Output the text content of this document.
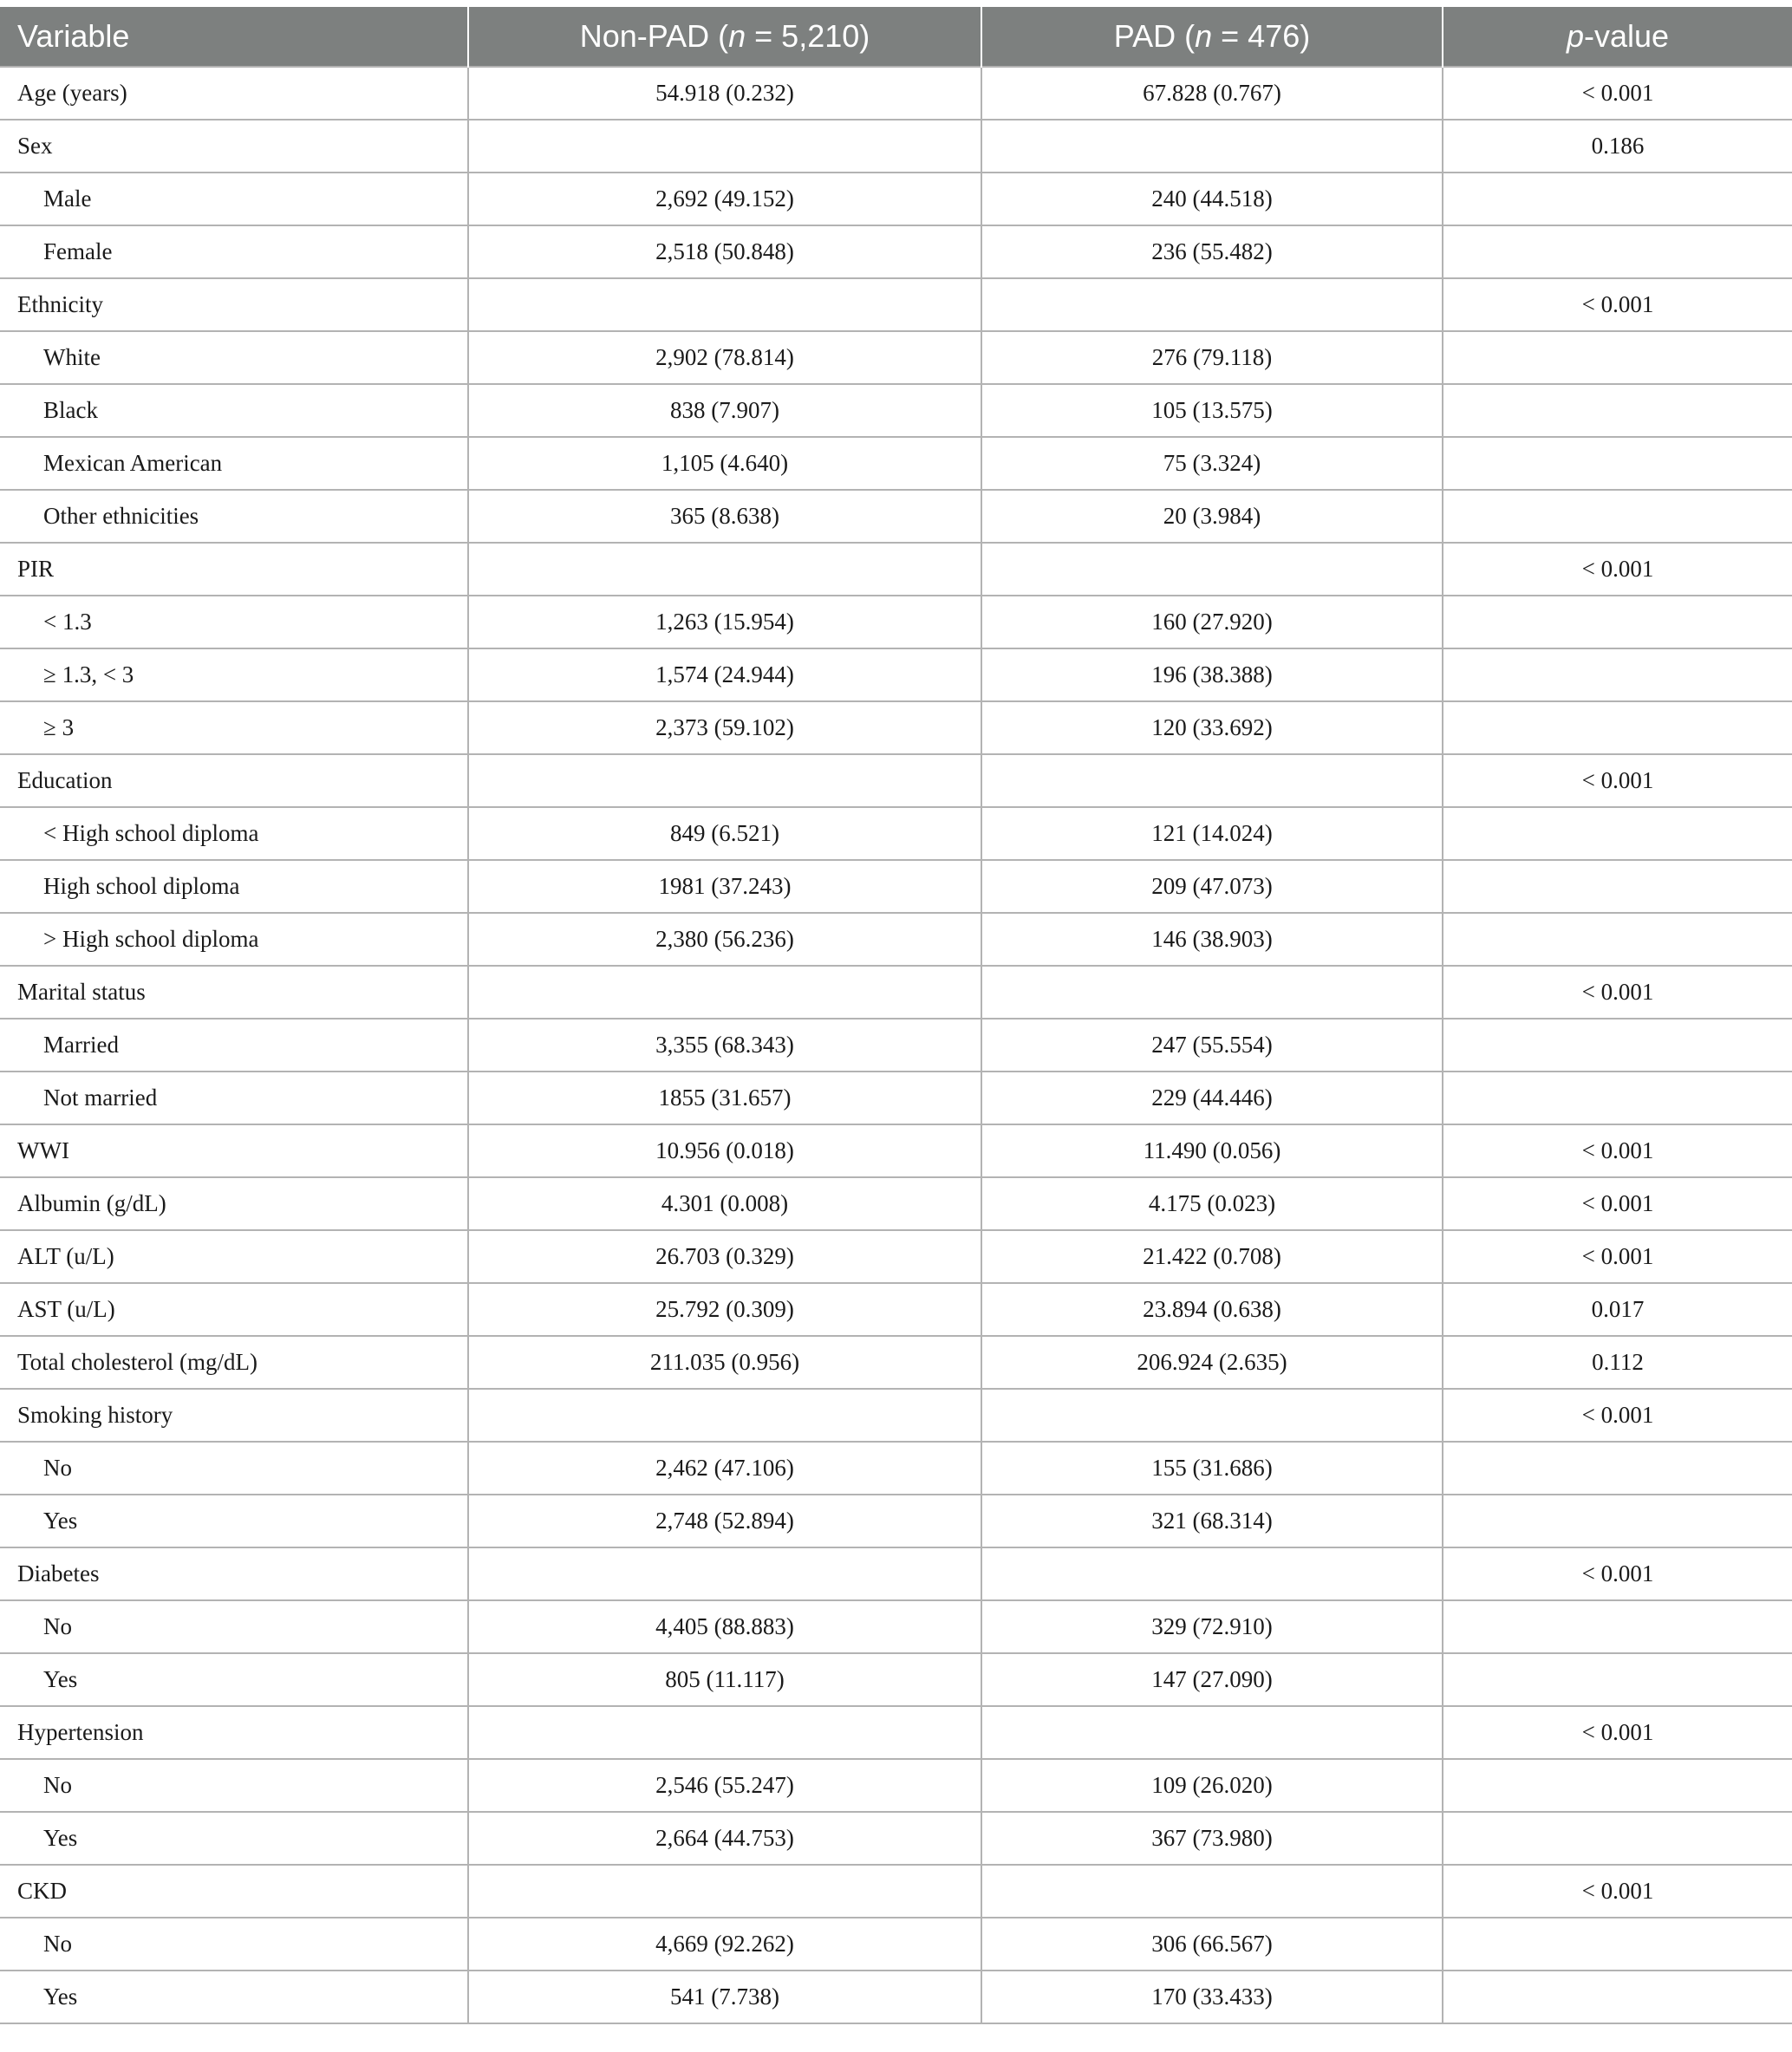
Variable	Non-PAD (n = 5,210)	PAD (n = 476)	p-value
Age (years)	54.918 (0.232)	67.828 (0.767)	< 0.001
Sex			0.186
Male	2,692 (49.152)	240 (44.518)	
Female	2,518 (50.848)	236 (55.482)	
Ethnicity			< 0.001
White	2,902 (78.814)	276 (79.118)	
Black	838 (7.907)	105 (13.575)	
Mexican American	1,105 (4.640)	75 (3.324)	
Other ethnicities	365 (8.638)	20 (3.984)	
PIR			< 0.001
< 1.3	1,263 (15.954)	160 (27.920)	
≥ 1.3, < 3	1,574 (24.944)	196 (38.388)	
≥ 3	2,373 (59.102)	120 (33.692)	
Education			< 0.001
< High school diploma	849 (6.521)	121 (14.024)	
High school diploma	1981 (37.243)	209 (47.073)	
> High school diploma	2,380 (56.236)	146 (38.903)	
Marital status			< 0.001
Married	3,355 (68.343)	247 (55.554)	
Not married	1855 (31.657)	229 (44.446)	
WWI	10.956 (0.018)	11.490 (0.056)	< 0.001
Albumin (g/dL)	4.301 (0.008)	4.175 (0.023)	< 0.001
ALT (u/L)	26.703 (0.329)	21.422 (0.708)	< 0.001
AST (u/L)	25.792 (0.309)	23.894 (0.638)	0.017
Total cholesterol (mg/dL)	211.035 (0.956)	206.924 (2.635)	0.112
Smoking history			< 0.001
No	2,462 (47.106)	155 (31.686)	
Yes	2,748 (52.894)	321 (68.314)	
Diabetes			< 0.001
No	4,405 (88.883)	329 (72.910)	
Yes	805 (11.117)	147 (27.090)	
Hypertension			< 0.001
No	2,546 (55.247)	109 (26.020)	
Yes	2,664 (44.753)	367 (73.980)	
CKD			< 0.001
No	4,669 (92.262)	306 (66.567)	
Yes	541 (7.738)	170 (33.433)	
